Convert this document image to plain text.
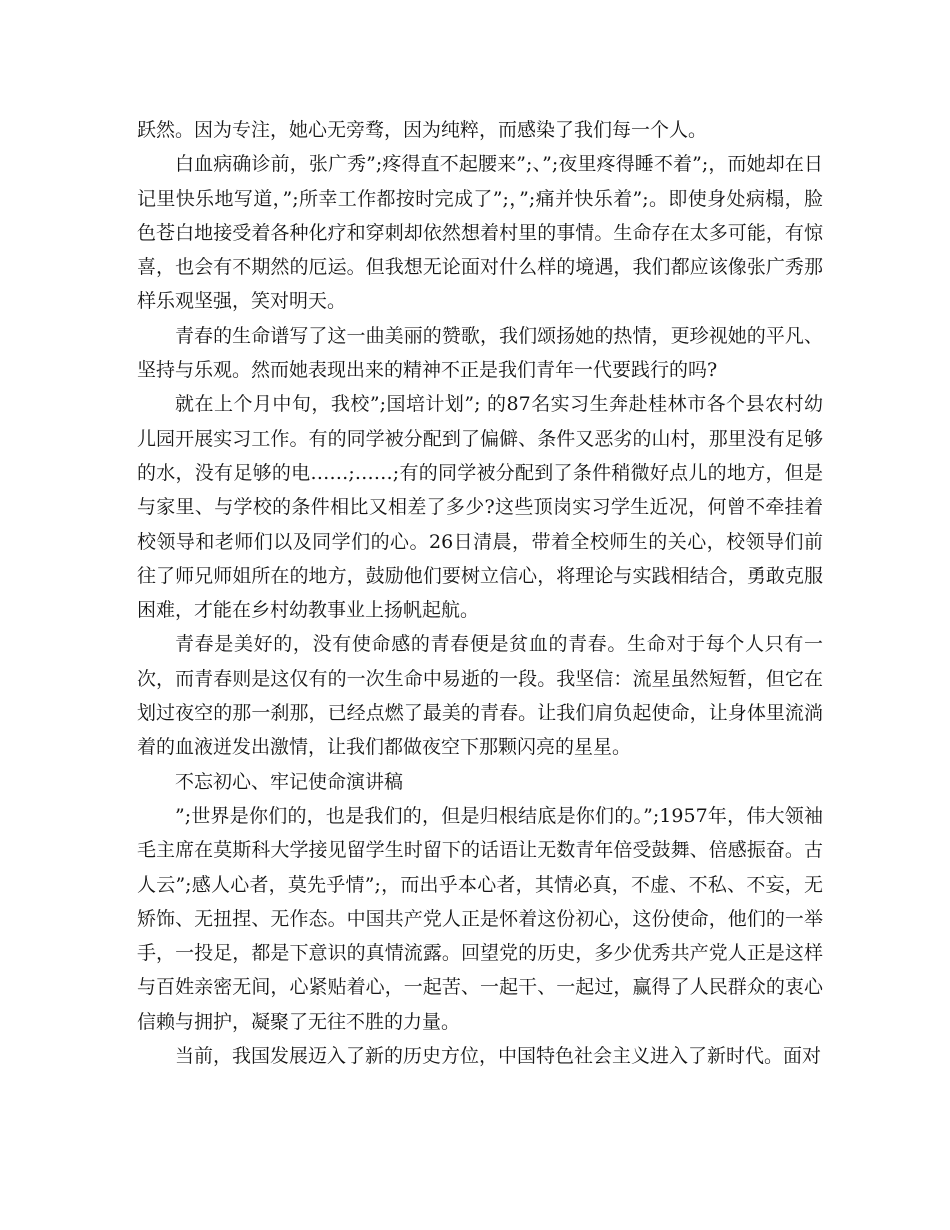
跃然。因为专注，她心无旁骛，因为纯粹，而感染了我们每一个人。

白血病确诊前，张广秀”;疼得直不起腰来”;、”;夜里疼得睡不着”;，而她却在日记里快乐地写道，”;所幸工作都按时完成了”;，”;痛并快乐着”;。即使身处病榻，脸色苍白地接受着各种化疗和穿刺却依然想着村里的事情。生命存在太多可能，有惊喜，也会有不期然的厄运。但我想无论面对什么样的境遇，我们都应该像张广秀那样乐观坚强，笑对明天。

青春的生命谱写了这一曲美丽的赞歌，我们颂扬她的热情，更珍视她的平凡、坚持与乐观。然而她表现出来的精神不正是我们青年一代要践行的吗?

就在上个月中旬，我校”;国培计划”; 的87名实习生奔赴桂林市各个县农村幼儿园开展实习工作。有的同学被分配到了偏僻、条件又恶劣的山村，那里没有足够的水，没有足够的电……;……;有的同学被分配到了条件稍微好点儿的地方，但是与家里、与学校的条件相比又相差了多少?这些顶岗实习学生近况，何曾不牵挂着校领导和老师们以及同学们的心。26日清晨，带着全校师生的关心，校领导们前往了师兄师姐所在的地方，鼓励他们要树立信心，将理论与实践相结合，勇敢克服困难，才能在乡村幼教事业上扬帆起航。

青春是美好的，没有使命感的青春便是贫血的青春。生命对于每个人只有一次，而青春则是这仅有的一次生命中易逝的一段。我坚信：流星虽然短暂，但它在划过夜空的那一刹那，已经点燃了最美的青春。让我们肩负起使命，让身体里流淌着的血液迸发出激情，让我们都做夜空下那颗闪亮的星星。

不忘初心、牢记使命演讲稿

”;世界是你们的，也是我们的，但是归根结底是你们的。”;1957年，伟大领袖毛主席在莫斯科大学接见留学生时留下的话语让无数青年倍受鼓舞、倍感振奋。古人云”;感人心者，莫先乎情”;，而出乎本心者，其情必真，不虚、不私、不妄，无矫饰、无扭捏、无作态。中国共产党人正是怀着这份初心，这份使命，他们的一举手，一投足，都是下意识的真情流露。回望党的历史，多少优秀共产党人正是这样与百姓亲密无间，心紧贴着心，一起苦、一起干、一起过，赢得了人民群众的衷心信赖与拥护，凝聚了无往不胜的力量。

当前，我国发展迈入了新的历史方位，中国特色社会主义进入了新时代。面对
